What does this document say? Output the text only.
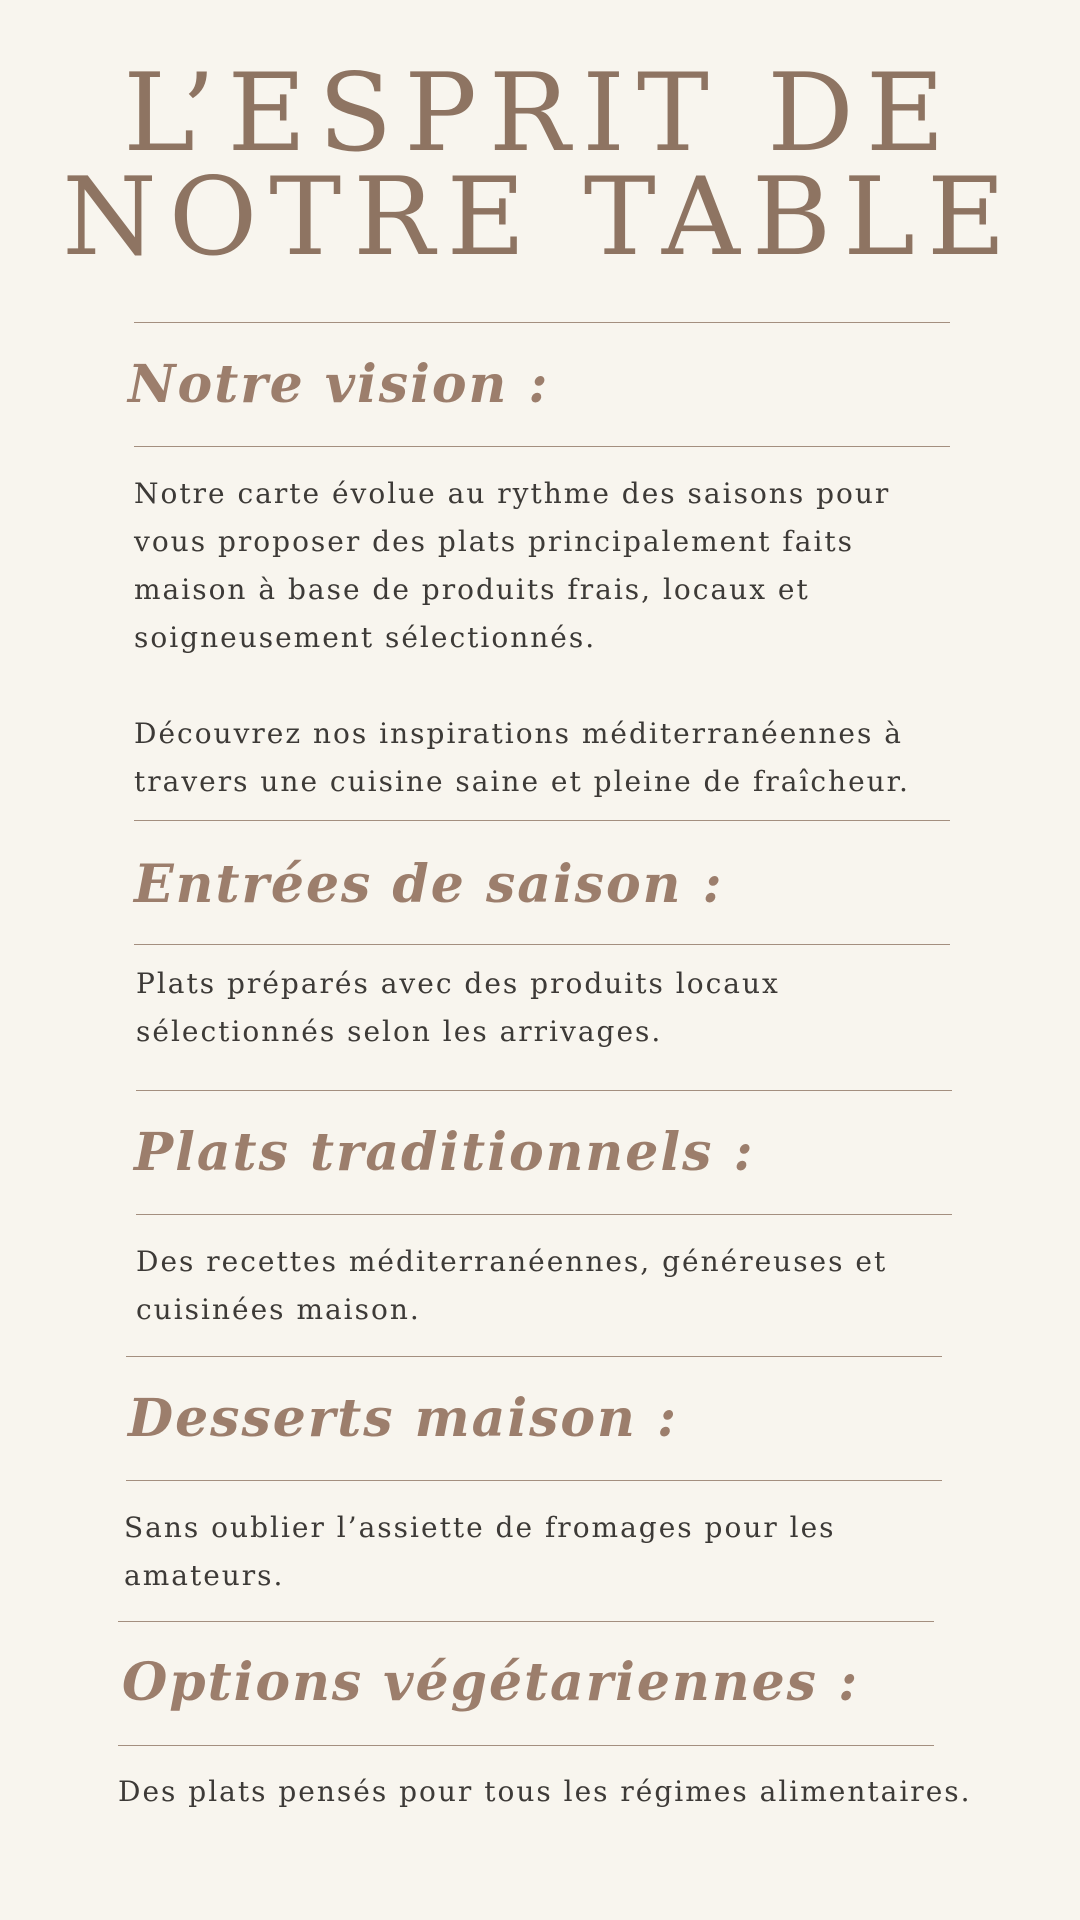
L’ESPRIT DE
NOTRE TABLE
Notre vision :

Notre carte évolue au rythme des saisons pour vous proposer des plats principalement faits maison à base de produits frais, locaux et soigneusement sélectionnés.

Découvrez nos inspirations méditerranéennes à travers une cuisine saine et pleine de fraîcheur.

Entrées de saison :

Plats préparés avec des produits locaux sélectionnés selon les arrivages.

Plats traditionnels :

Des recettes méditerranéennes, généreuses et cuisinées maison.

Desserts maison :

Sans oublier l’assiette de fromages pour les amateurs.

Options végétariennes :

Des plats pensés pour tous les régimes alimentaires.
